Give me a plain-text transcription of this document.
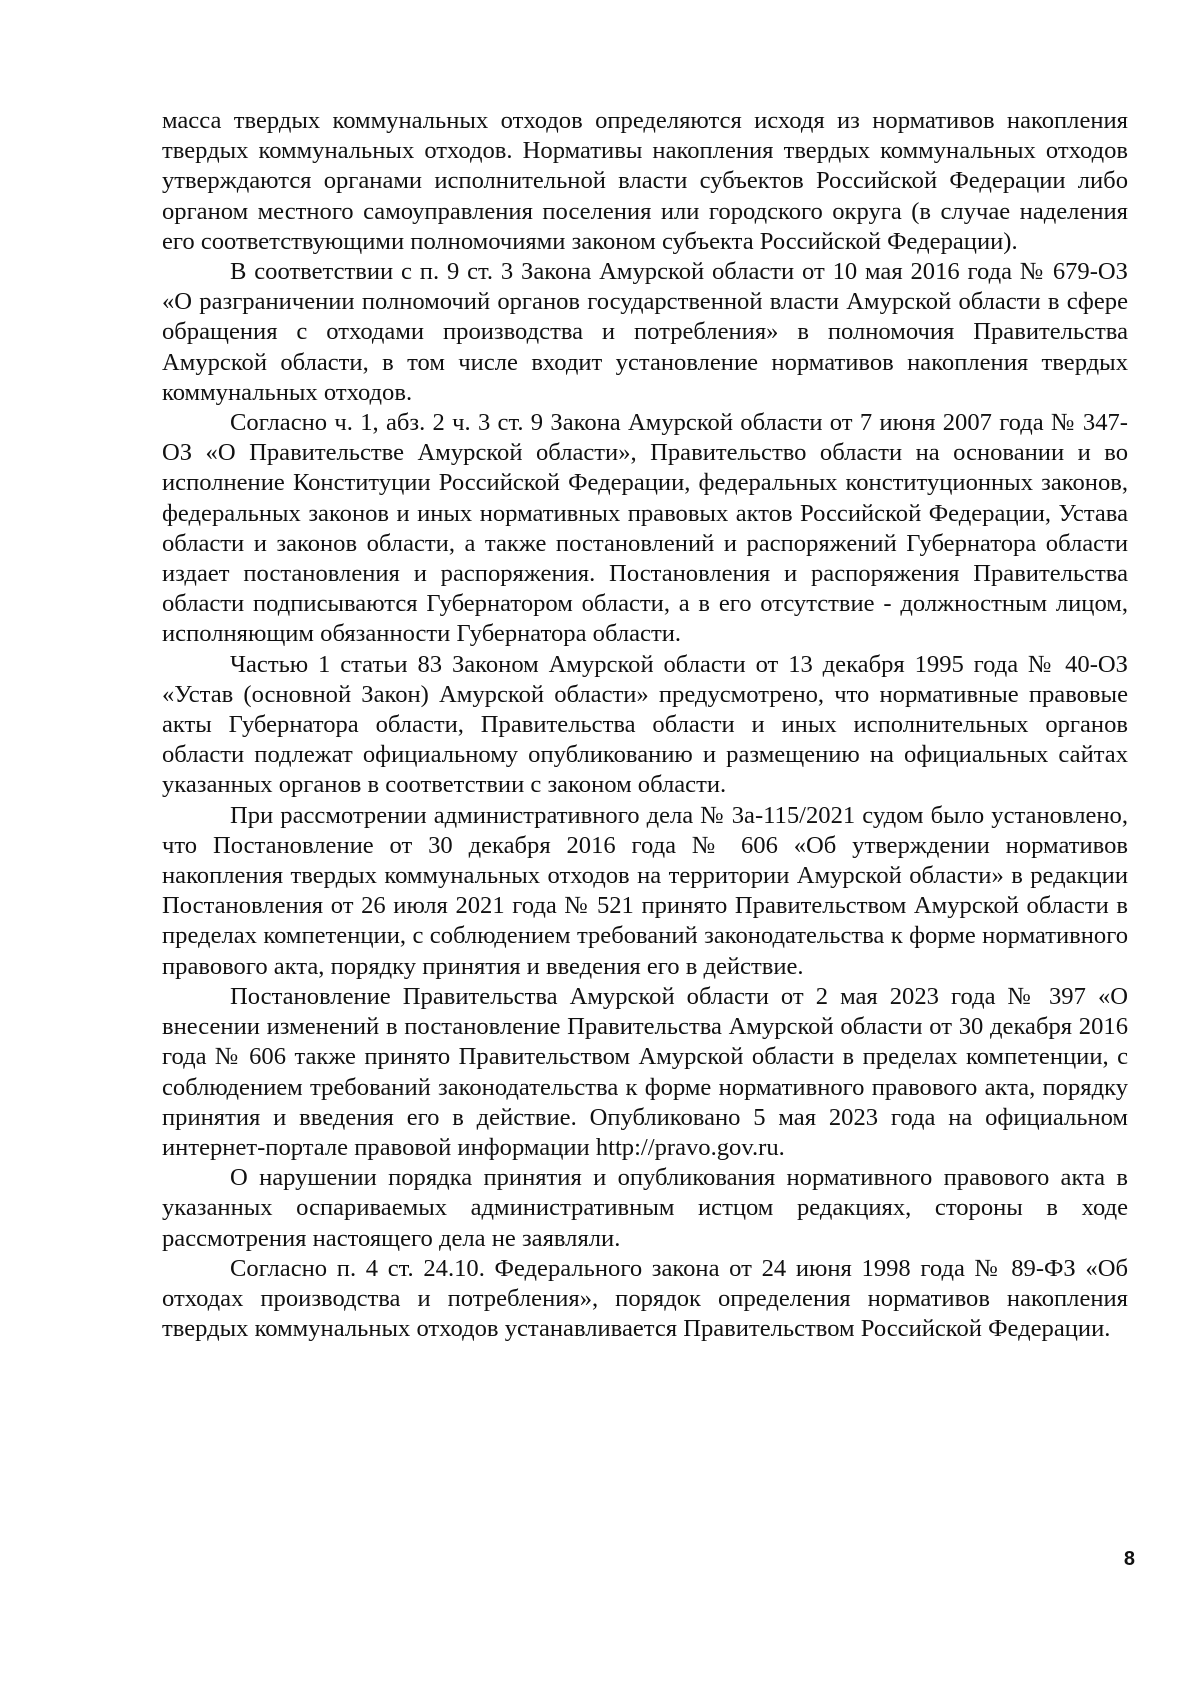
масса твердых коммунальных отходов определяются исходя из нормативов накопления твердых коммунальных отходов. Нормативы накопления твердых коммунальных отходов утверждаются органами исполнительной власти субъектов Российской Федерации либо органом местного самоуправления поселения или городского округа (в случае наделения его соответствующими полномочиями законом субъекта Российской Федерации).

В соответствии с п. 9 ст. 3 Закона Амурской области от 10 мая 2016 года № 679-ОЗ «О разграничении полномочий органов государственной власти Амурской области в сфере обращения с отходами производства и потребления» в полномочия Правительства Амурской области, в том числе входит установление нормативов накопления твердых коммунальных отходов.

Согласно ч. 1, абз. 2 ч. 3 ст. 9 Закона Амурской области от 7 июня 2007 года № 347-ОЗ «О Правительстве Амурской области», Правительство области на основании и во исполнение Конституции Российской Федерации, федеральных конституционных законов, федеральных законов и иных нормативных правовых актов Российской Федерации, Устава области и законов области, а также постановлений и распоряжений Губернатора области издает постановления и распоряжения. Постановления и распоряжения Правительства области подписываются Губернатором области, а в его отсутствие - должностным лицом, исполняющим обязанности Губернатора области.

Частью 1 статьи 83 Законом Амурской области от 13 декабря 1995 года № 40-ОЗ «Устав (основной Закон) Амурской области» предусмотрено, что нормативные правовые акты Губернатора области, Правительства области и иных исполнительных органов области подлежат официальному опубликованию и размещению на официальных сайтах указанных органов в соответствии с законом области.

При рассмотрении административного дела № 3а-115/2021 судом было установлено, что Постановление от 30 декабря 2016 года № 606 «Об утверждении нормативов накопления твердых коммунальных отходов на территории Амурской области» в редакции Постановления от 26 июля 2021 года № 521 принято Правительством Амурской области в пределах компетенции, с соблюдением требований законодательства к форме нормативного правового акта, порядку принятия и введения его в действие.

Постановление Правительства Амурской области от 2 мая 2023 года № 397 «О внесении изменений в постановление Правительства Амурской области от 30 декабря 2016 года № 606 также принято Правительством Амурской области в пределах компетенции, с соблюдением требований законодательства к форме нормативного правового акта, порядку принятия и введения его в действие. Опубликовано 5 мая 2023 года на официальном интернет-портале правовой информации http://pravo.gov.ru.

О нарушении порядка принятия и опубликования нормативного правового акта в указанных оспариваемых административным истцом редакциях, стороны в ходе рассмотрения настоящего дела не заявляли.

Согласно п. 4 ст. 24.10. Федерального закона от 24 июня 1998 года № 89-ФЗ «Об отходах производства и потребления», порядок определения нормативов накопления твердых коммунальных отходов устанавливается Правительством Российской Федерации.

8
